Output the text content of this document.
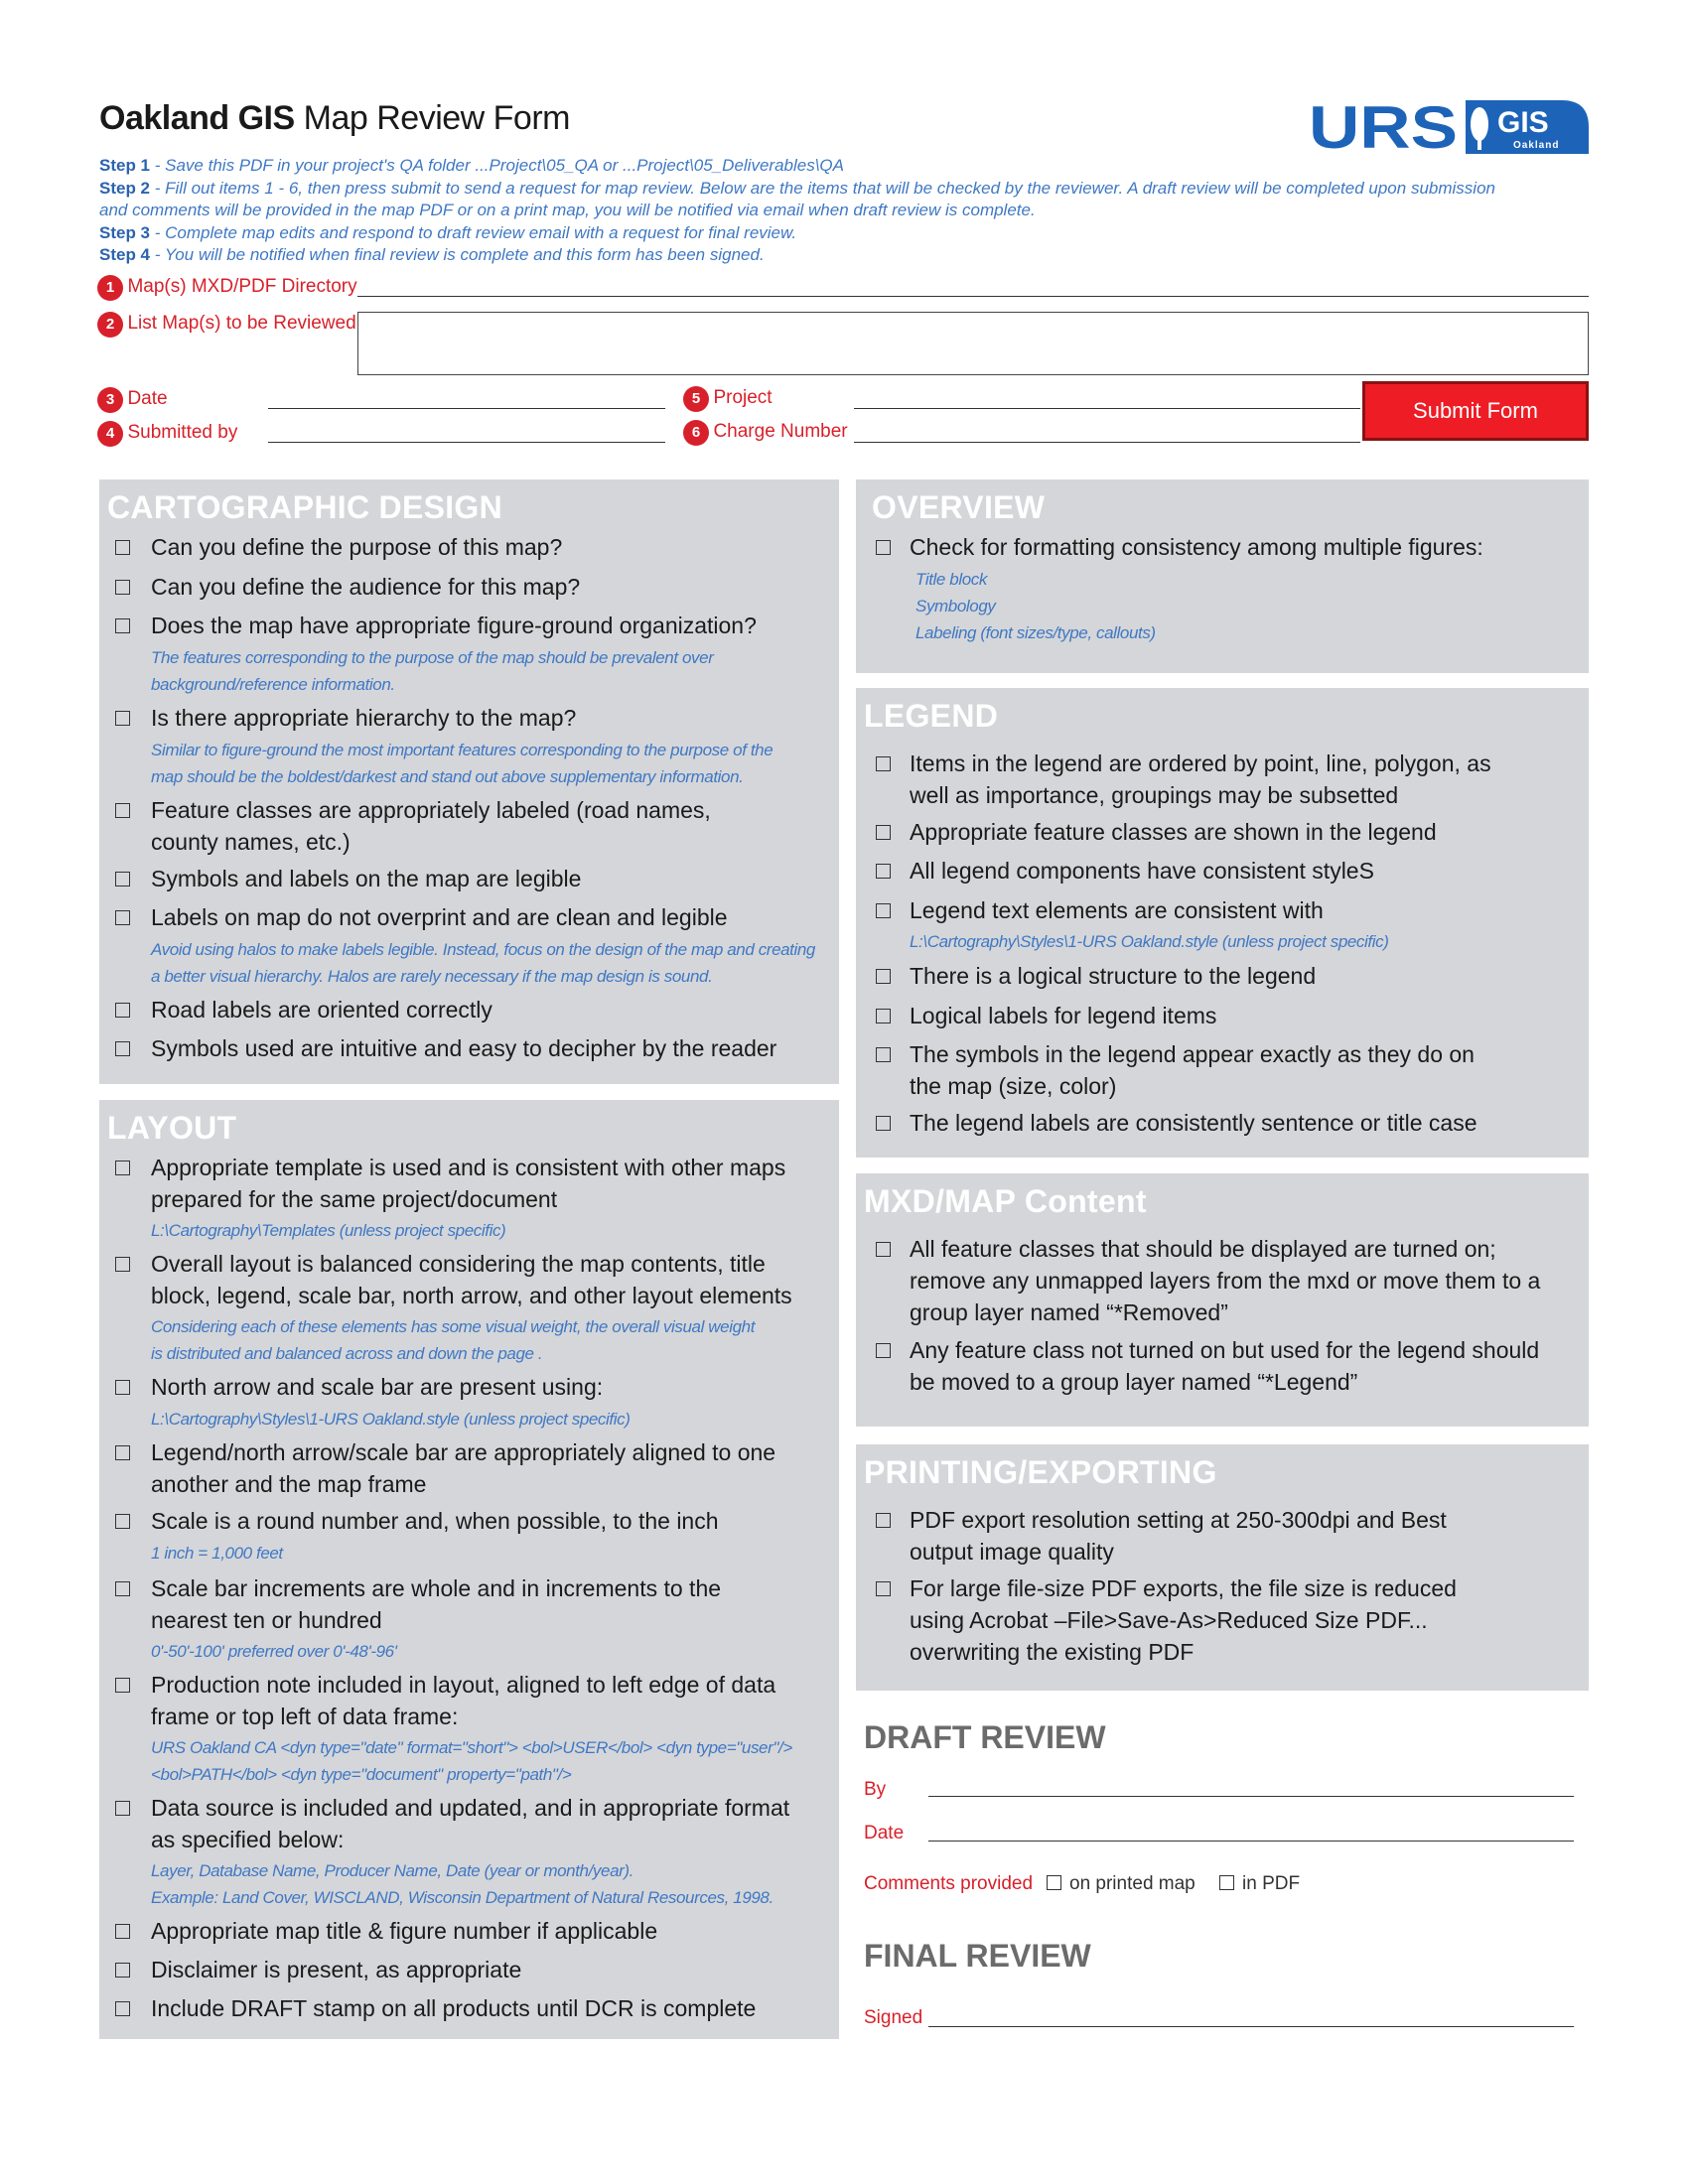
Oakland GIS Map Review Form	URS GIS
Oakland
Step 1 - Save this PDF in your project's QA folder ...Project\05_QA or ...Project\05_Deliverables\QA
Step 2 - Fill out items 1 - 6, then press submit to send a request for map review. Below are the items that will be checked by the reviewer. A draft review will be completed upon submission and comments will be provided in the map PDF or on a print map, you will be notified via email when draft review is complete.
Step 3 - Complete map edits and respond to draft review email with a request for final review.
Step 4 - You will be notified when final review is complete and this form has been signed.
1 Map(s) MXD/PDF Directory
2 List Map(s) to be Reviewed
3 Date
4 Submitted by
5 Project
6 Charge Number
Submit Form
CARTOGRAPHIC DESIGN
Can you define the purpose of this map?
Can you define the audience for this map?
Does the map have appropriate figure-ground organization?
The features corresponding to the purpose of the map should be prevalent over
background/reference information.
Is there appropriate hierarchy to the map?
Similar to figure-ground the most important features corresponding to the purpose of the
map should be the boldest/darkest and stand out above supplementary information.
Feature classes are appropriately labeled (road names, county names, etc.)
Symbols and labels on the map are legible
Labels on map do not overprint and are clean and legible
Avoid using halos to make labels legible. Instead, focus on the design of the map and creating
a better visual hierarchy. Halos are rarely necessary if the map design is sound.
Road labels are oriented correctly
Symbols used are intuitive and easy to decipher by the reader
LAYOUT
Appropriate template is used and is consistent with other maps prepared for the same project/document
L:\Cartography\Templates (unless project specific)
Overall layout is balanced considering the map contents, title block, legend, scale bar, north arrow, and other layout elements
Considering each of these elements has some visual weight, the overall visual weight
is distributed and balanced across and down the page .
North arrow and scale bar are present using:
L:\Cartography\Styles\1-URS Oakland.style (unless project specific)
Legend/north arrow/scale bar are appropriately aligned to one another and the map frame
Scale is a round number and, when possible, to the inch
1 inch = 1,000 feet
Scale bar increments are whole and in increments to the nearest ten or hundred
0'-50'-100' preferred over 0'-48'-96'
Production note included in layout, aligned to left edge of data frame or top left of data frame:
URS Oakland CA <dyn type="date" format="short"> <bol>USER</bol> <dyn type="user"/>
<bol>PATH</bol> <dyn type="document" property="path"/>
Data source is included and updated, and in appropriate format as specified below:
Layer, Database Name, Producer Name, Date (year or month/year).
Example: Land Cover, WISCLAND, Wisconsin Department of Natural Resources, 1998.
Appropriate map title & figure number if applicable
Disclaimer is present, as appropriate
Include DRAFT stamp on all products until DCR is complete
OVERVIEW
Check for formatting consistency among multiple figures:
Title block
Symbology
Labeling (font sizes/type, callouts)
LEGEND
Items in the legend are ordered by point, line, polygon, as well as importance, groupings may be subsetted
Appropriate feature classes are shown in the legend
All legend components have consistent styleS
Legend text elements are consistent with
L:\Cartography\Styles\1-URS Oakland.style (unless project specific)
There is a logical structure to the legend
Logical labels for legend items
The symbols in the legend appear exactly as they do on the map (size, color)
The legend labels are consistently sentence or title case
MXD/MAP Content
All feature classes that should be displayed are turned on; remove any unmapped layers from the mxd or move them to a group layer named “*Removed”
Any feature class not turned on but used for the legend should be moved to a group layer named “*Legend”
PRINTING/EXPORTING
PDF export resolution setting at 250-300dpi and Best output image quality
For large file-size PDF exports, the file size is reduced using Acrobat –File>Save-As>Reduced Size PDF... overwriting the existing PDF
DRAFT REVIEW
By
Date
Comments provided	on printed map	in PDF
FINAL REVIEW
Signed
